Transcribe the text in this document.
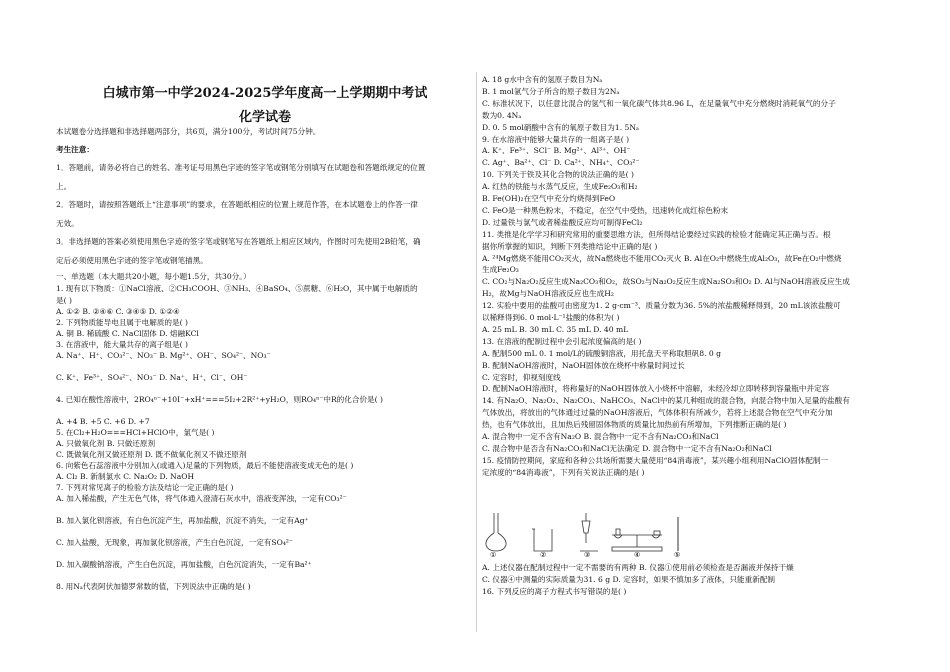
白城市第一中学2024-2025学年度高一上学期期中考试
化学试卷
本试题卷分选择题和非选择题两部分，共6页，满分100分，考试时间75分钟。
考生注意：
1．答题前，请务必将自己的姓名、准考证号用黑色字迹的签字笔或钢笔分别填写在试题卷和答题纸规定的位置
上。
2．答题时，请按照答题纸上“注意事项”的要求，在答题纸相应的位置上规范作答，在本试题卷上的作答一律
无效。
3．非选择题的答案必须使用黑色字迹的签字笔或钢笔写在答题纸上相应区域内，作图时可先使用2B铅笔，确
定后必须使用黑色字迹的签字笔或钢笔描黑。
一、单选题（本大题共20小题，每小题1.5分，共30分。）
1. 现有以下物质：①NaCl溶液、②CH₃COOH、③NH₃、④BaSO₄、⑤蔗糖、⑥H₂O，其中属于电解质的
是( )
A. ①② B. ②④⑥ C. ③④⑤ D. ①②④
2. 下列物质能导电且属于电解质的是( )
A. 铜 B. 稀硫酸 C. NaCl固体 D. 熔融KCl
3. 在溶液中，能大量共存的离子组是( )
A. Na⁺、H⁺、CO₃²⁻、NO₃⁻ B. Mg²⁺、OH⁻、SO₄²⁻、NO₃⁻
C. K⁺、Fe³⁺、SO₄²⁻、NO₃⁻ D. Na⁺、H⁺、Cl⁻、OH⁻
4. 已知在酸性溶液中，2RO₄ⁿ⁻+10I⁻+xH⁺===5I₂+2R²⁺+yH₂O，则RO₄ⁿ⁻中R的化合价是( )
A. +4 B. +5 C. +6 D. +7
5. 在Cl₂+H₂O===HCl+HClO中，氯气是( )
A. 只做氧化剂 B. 只做还原剂
C. 既做氧化剂又做还原剂 D. 既不做氧化剂又不做还原剂
6. 向紫色石蕊溶液中分别加入(或通入)足量的下列物质，最后不能使溶液变成无色的是( )
A. Cl₂ B. 新制氯水 C. Na₂O₂ D. NaOH
7. 下列对常见离子的检验方法及结论一定正确的是( )
A. 加入稀盐酸，产生无色气体，将气体通入澄清石灰水中，溶液变浑浊，一定有CO₃²⁻
B. 加入氯化钡溶液，有白色沉淀产生，再加盐酸，沉淀不消失，一定有Ag⁺
C. 加入盐酸，无现象，再加氯化钡溶液，产生白色沉淀，一定有SO₄²⁻
D. 加入碳酸钠溶液，产生白色沉淀，再加盐酸，白色沉淀消失，一定有Ba²⁺
8. 用Nₐ代表阿伏加德罗常数的值，下列说法中正确的是( )
A. 18 g水中含有的氢原子数目为Nₐ
B. 1 mol氩气分子所含的原子数目为2Nₐ
C. 标准状况下，以任意比混合的氢气和一氧化碳气体共8.96 L，在足量氧气中充分燃烧时消耗氧气的分子
数为0. 4Nₐ
D. 0. 5 mol硝酸中含有的氧原子数目为1. 5Nₐ
9. 在水溶液中能够大量共存的一组离子是( )
A. K⁺、Fe³⁺、SCl⁻ B. Mg²⁺、Al³⁺、OH⁻
C. Ag⁺、Ba²⁺、Cl⁻ D. Ca²⁺、NH₄⁺、CO₃²⁻
10. 下列关于铁及其化合物的说法正确的是( )
A. 红热的铁能与水蒸气反应，生成Fe₂O₃和H₂
B. Fe(OH)₂在空气中充分灼烧得到FeO
C. FeO是一种黑色粉末，不稳定，在空气中受热，迅速转化成红棕色粉末
D. 过量铁与氯气或者稀盐酸反应均可制得FeCl₂
11. 类推是化学学习和研究常用的重要思维方法，但所得结论要经过实践的检验才能确定其正确与否。根
据你所掌握的知识，判断下列类推结论中正确的是( )
A. ²⁴Mg燃烧不能用CO₂灭火，故Na燃烧也不能用CO₂灭火 B. Al在O₂中燃烧生成Al₂O₃，故Fe在O₂中燃烧
生成Fe₂O₃
C. CO₂与Na₂O₂反应生成Na₂CO₃和O₂，故SO₂与Na₂O₂反应生成Na₂SO₃和O₂ D. Al与NaOH溶液反应生成
H₂，故Mg与NaOH溶液反应也生成H₂
12. 实验中要用的盐酸可由密度为1. 2 g·cm⁻³、质量分数为36. 5%的浓盐酸稀释得到，20 mL该浓盐酸可
以稀释得到6. 0 mol·L⁻¹盐酸的体积为( )
A. 25 mL B. 30 mL C. 35 mL D. 40 mL
13. 在溶液的配制过程中会引起浓度偏高的是( )
A. 配制500 mL 0. 1 mol/L的硫酸铜溶液，用托盘天平称取胆矾8. 0 g
B. 配制NaOH溶液时，NaOH固体放在烧杯中称量时间过长
C. 定容时，仰视刻度线
D. 配制NaOH溶液时，将称量好的NaOH固体放入小烧杯中溶解，未经冷却立即转移到容量瓶中并定容
14. 有Na₂O、Na₂O₂、Na₂CO₃、NaHCO₃、NaCl中的某几种组成的混合物，向混合物中加入足量的盐酸有
气体放出，将放出的气体通过过量的NaOH溶液后，气体体积有所减少，若将上述混合物在空气中充分加
热，也有气体放出，且加热后残留固体物质的质量比加热前有所增加，下列推断正确的是( )
A. 混合物中一定不含有Na₂O B. 混合物中一定不含有Na₂CO₃和NaCl
C. 混合物中是否含有Na₂CO₃和NaCl无法确定 D. 混合物中一定不含有Na₂O₂和NaCl
15. 疫情防控期间，家庭和各种公共场所需要大量使用“84消毒液”，某兴趣小组利用NaClO固体配制一
定浓度的“84消毒液”，下列有关说法正确的是( )
①	②	③	④	⑤
A. 上述仪器在配制过程中一定不需要的有两种 B. 仪器①使用前必须检查是否漏液并保持干燥
C. 仪器④中测量的实际质量为31. 6 g D. 定容时，如果不慎加多了液体，只能重新配制
16. 下列反应的离子方程式书写错误的是( )
